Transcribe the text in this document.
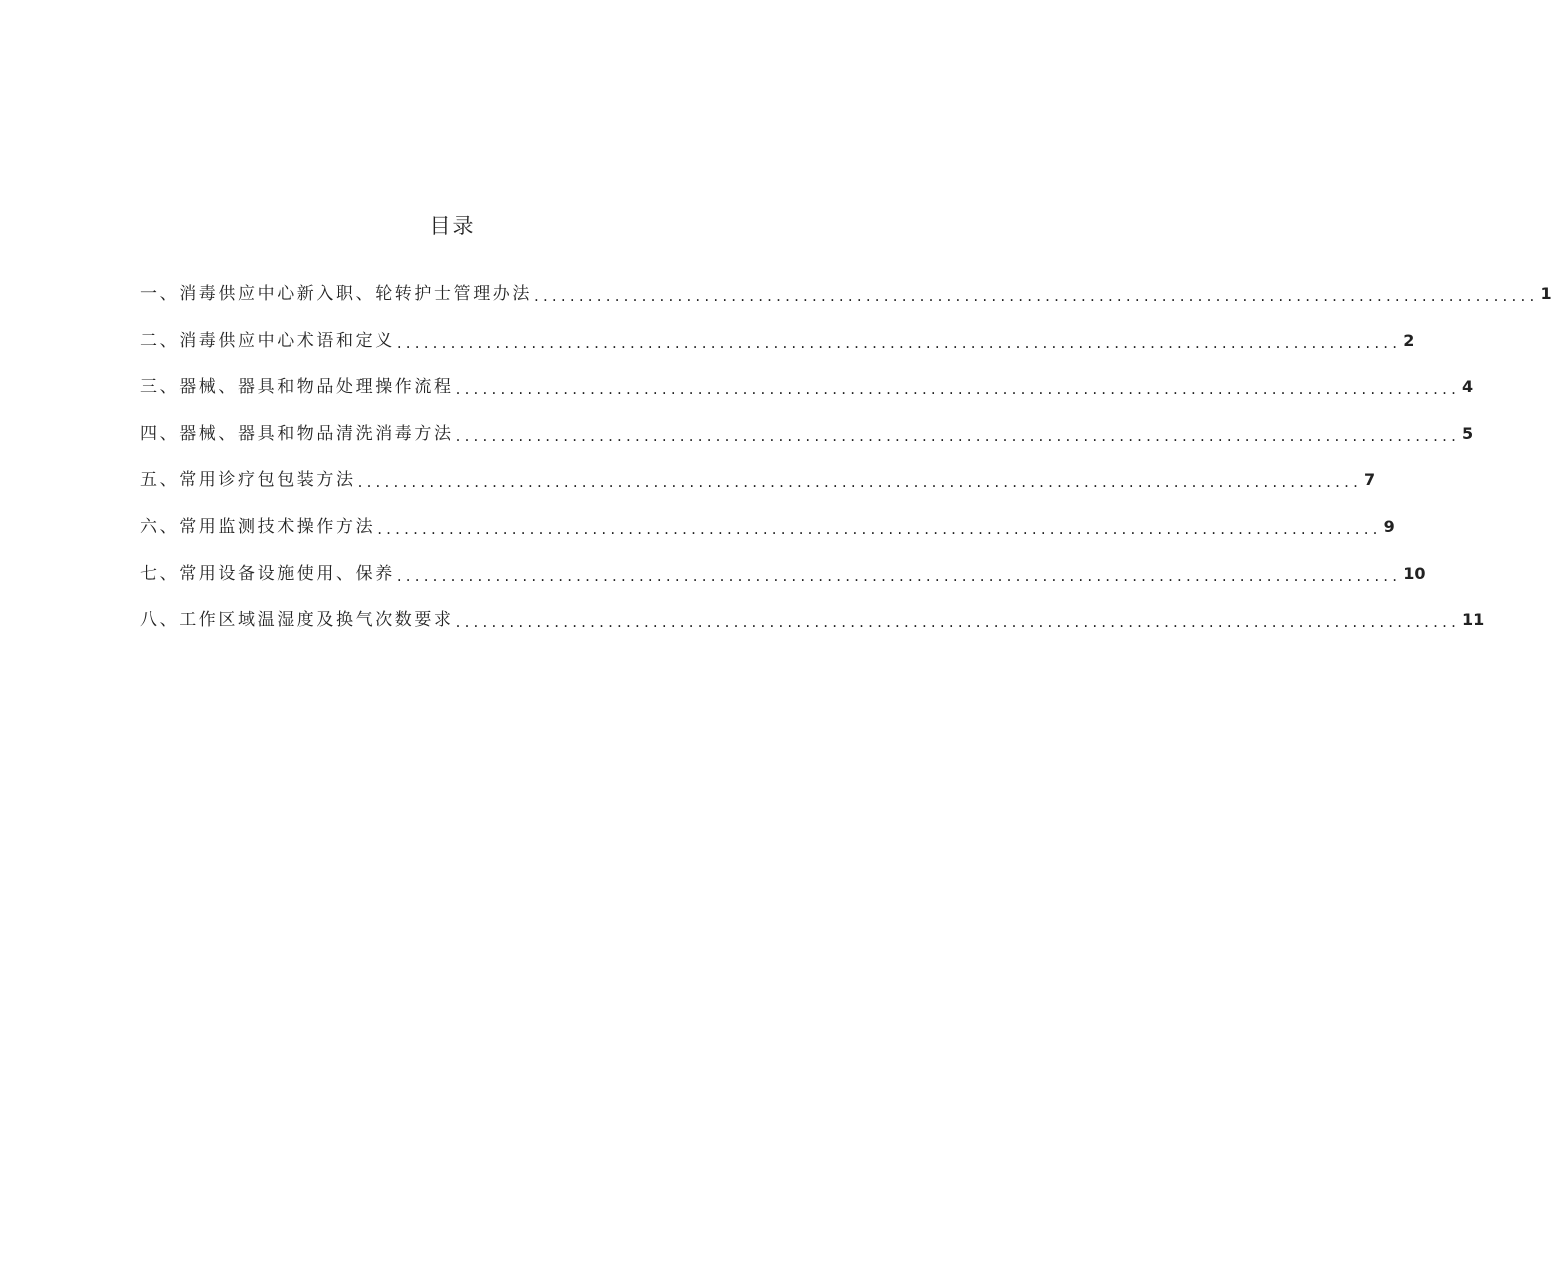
目录
一、消毒供应中心新入职、轮转护士管理办法 ................................................................................................................ 1
二、消毒供应中心术语和定义 ................................................................................................................ 2
三、器械、器具和物品处理操作流程 ................................................................................................................ 4
四、器械、器具和物品清洗消毒方法 ................................................................................................................ 5
五、常用诊疗包包装方法 ................................................................................................................ 7
六、常用监测技术操作方法 ................................................................................................................ 9
七、常用设备设施使用、保养 ................................................................................................................ 10
八、工作区域温湿度及换气次数要求 ................................................................................................................ 11
